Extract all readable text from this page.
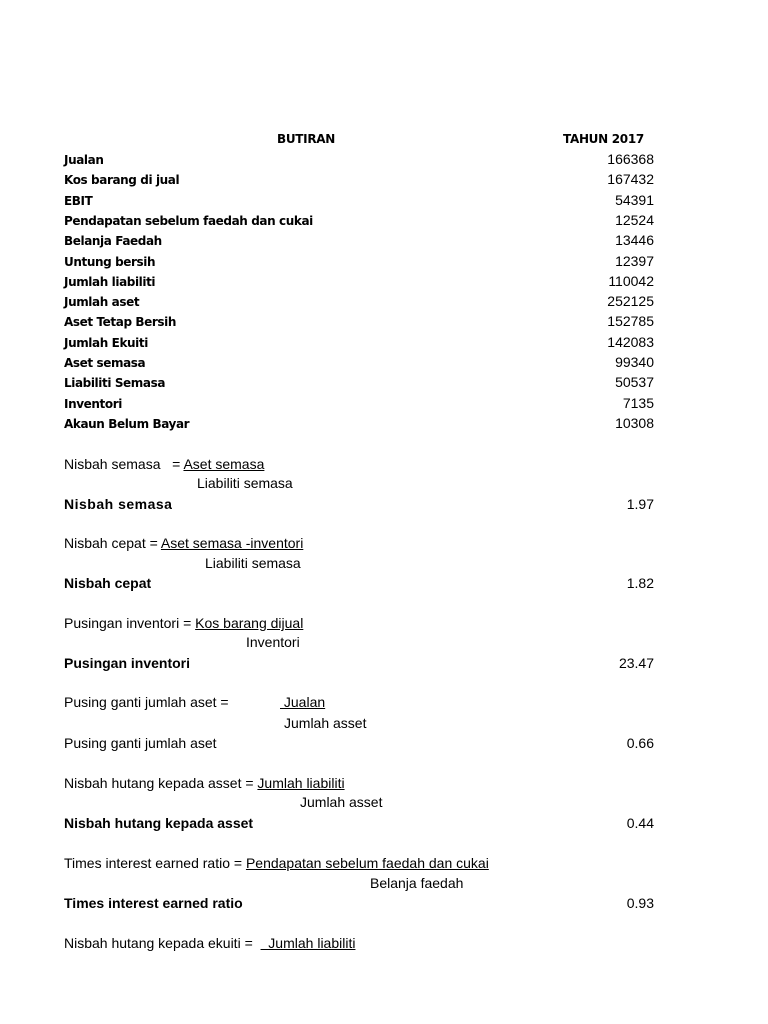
BUTIRAN	TAHUN 2017
Jualan	166368
Kos barang di jual	167432
EBIT	54391
Pendapatan sebelum faedah dan cukai	12524
Belanja Faedah	13446
Untung bersih	12397
Jumlah liabiliti	110042
Jumlah aset	252125
Aset Tetap Bersih	152785
Jumlah Ekuiti	142083
Aset semasa	99340
Liabiliti Semasa	50537
Inventori	7135
Akaun Belum Bayar	10308
Nisbah semasa   = Aset semasa
Liabiliti semasa
Nisbah semasa	1.97
Nisbah cepat = Aset semasa -inventori
Liabiliti semasa
Nisbah cepat	1.82
Pusingan inventori = Kos barang dijual
Inventori
Pusingan inventori	23.47
Pusing ganti jumlah aset =	Jualan
Jumlah asset
Pusing ganti jumlah aset	0.66
Nisbah hutang kepada asset = Jumlah liabiliti
Jumlah asset
Nisbah hutang kepada asset	0.44
Times interest earned ratio = Pendapatan sebelum faedah dan cukai
Belanja faedah
Times interest earned ratio	0.93
Nisbah hutang kepada ekuiti =    Jumlah liabiliti
